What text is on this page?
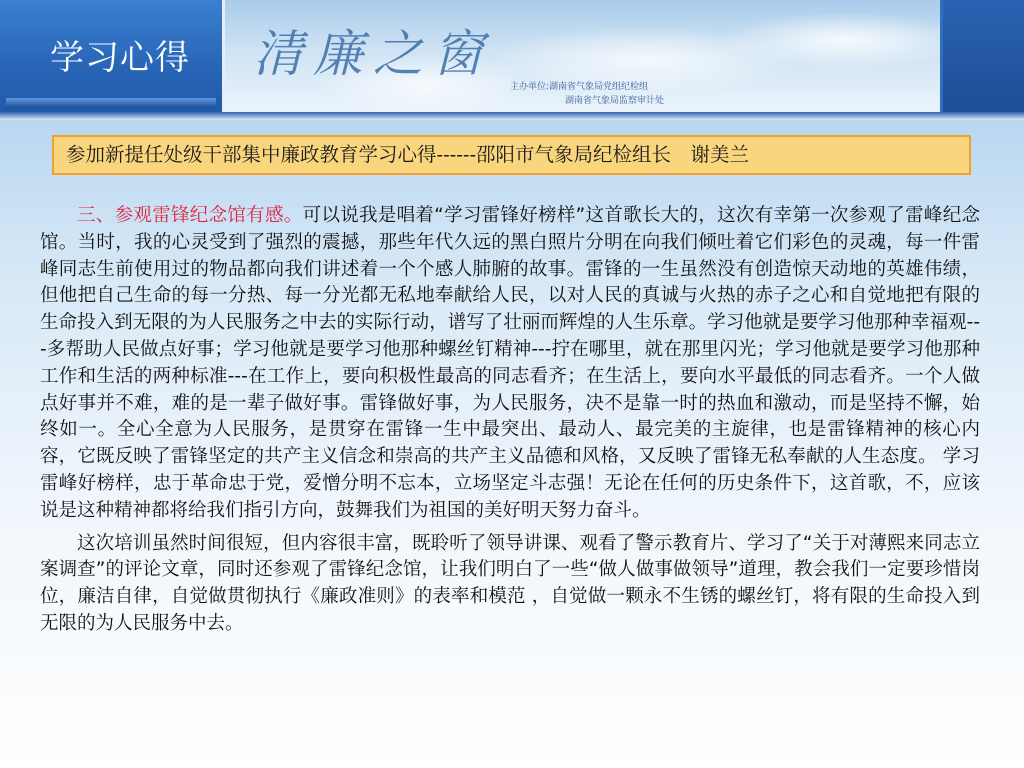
学习心得 清廉之窗
主办单位:湖南省气象局党组纪检组
湖南省气象局监察审计处
参加新提任处级干部集中廉政教育学习心得------邵阳市气象局纪检组长　谢美兰

三、参观雷锋纪念馆有感。可以说我是唱着“学习雷锋好榜样”这首歌长大的，这次有幸第一次参观了雷峰纪念馆。当时，我的心灵受到了强烈的震撼，那些年代久远的黑白照片分明在向我们倾吐着它们彩色的灵魂，每一件雷峰同志生前使用过的物品都向我们讲述着一个个感人肺腑的故事。雷锋的一生虽然没有创造惊天动地的英雄伟绩，但他把自己生命的每一分热、每一分光都无私地奉献给人民，以对人民的真诚与火热的赤子之心和自觉地把有限的生命投入到无限的为人民服务之中去的实际行动，谱写了壮丽而辉煌的人生乐章。学习他就是要学习他那种幸福观---多帮助人民做点好事；学习他就是要学习他那种螺丝钉精神---拧在哪里，就在那里闪光；学习他就是要学习他那种工作和生活的两种标准---在工作上，要向积极性最高的同志看齐；在生活上，要向水平最低的同志看齐。一个人做点好事并不难，难的是一辈子做好事。雷锋做好事，为人民服务，决不是靠一时的热血和激动，而是坚持不懈，始终如一。全心全意为人民服务，是贯穿在雷锋一生中最突出、最动人、最完美的主旋律，也是雷锋精神的核心内容，它既反映了雷锋坚定的共产主义信念和崇高的共产主义品德和风格，又反映了雷锋无私奉献的人生态度。 学习雷峰好榜样，忠于革命忠于党，爱憎分明不忘本，立场坚定斗志强！无论在任何的历史条件下，这首歌，不，应该说是这种精神都将给我们指引方向，鼓舞我们为祖国的美好明天努力奋斗。

这次培训虽然时间很短，但内容很丰富，既聆听了领导讲课、观看了警示教育片、学习了“关于对薄熙来同志立案调查”的评论文章，同时还参观了雷锋纪念馆，让我们明白了一些“做人做事做领导”道理，教会我们一定要珍惜岗位，廉洁自律，自觉做贯彻执行《廉政准则》的表率和模范 ，自觉做一颗永不生锈的螺丝钉，将有限的生命投入到无限的为人民服务中去。
